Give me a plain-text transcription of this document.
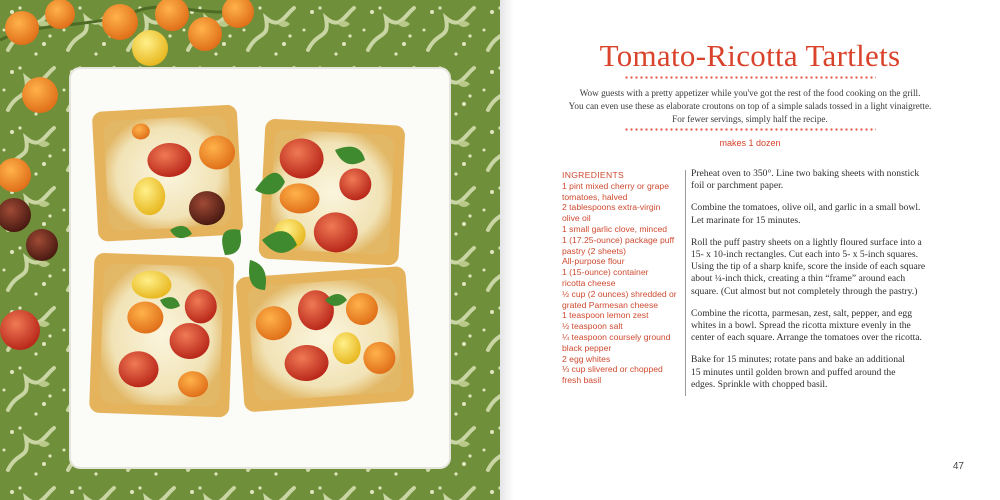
Tomato-Ricotta Tartlets
Wow guests with a pretty appetizer while you've got the rest of the food cooking on the grill.
You can even use these as elaborate croutons on top of a simple salads tossed in a light vinaigrette.
For fewer servings, simply half the recipe.
makes 1 dozen
INGREDIENTS
1 pint mixed cherry or grape
tomatoes, halved
2 tablespoons extra-virgin
olive oil
1 small garlic clove, minced
1 (17.25-ounce) package puff
pastry (2 sheets)
All-purpose flour
1 (15-ounce) container
ricotta cheese
½ cup (2 ounces) shredded or
grated Parmesan cheese
1 teaspoon lemon zest
½ teaspoon salt
¼ teaspoon coursely ground
black pepper
2 egg whites
⅓ cup slivered or chopped
fresh basil
Preheat oven to 350°. Line two baking sheets with nonstick
foil or parchment paper.
Combine the tomatoes, olive oil, and garlic in a small bowl.
Let marinate for 15 minutes.
Roll the puff pastry sheets on a lightly floured surface into a
15- x 10-inch rectangles. Cut each into 5- x 5-inch squares.
Using the tip of a sharp knife, score the inside of each square
about ¼-inch thick, creating a thin “frame” around each
square. (Cut almost but not completely through the pastry.)
Combine the ricotta, parmesan, zest, salt, pepper, and egg
whites in a bowl. Spread the ricotta mixture evenly in the
center of each square. Arrange the tomatoes over the ricotta.
Bake for 15 minutes; rotate pans and bake an additional
15 minutes until golden brown and puffed around the
edges. Sprinkle with chopped basil.
47
